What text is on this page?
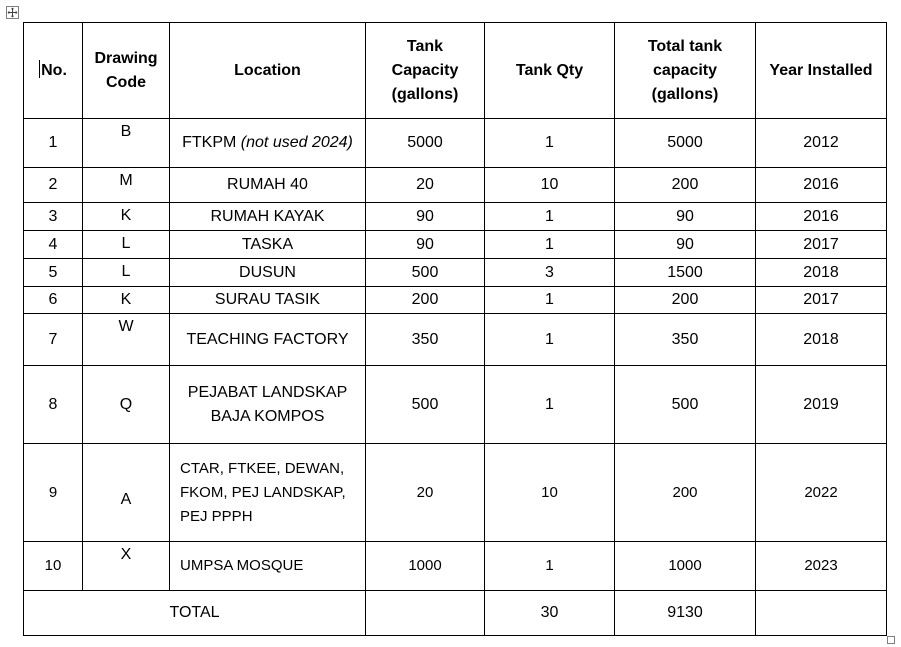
No.	Drawing Code	Location	Tank Capacity (gallons)	Tank Qty	Total tank capacity (gallons)	Year Installed
1	B	FTKPM (not used 2024)	5000	1	5000	2012
2	M	RUMAH 40	20	10	200	2016
3	K	RUMAH KAYAK	90	1	90	2016
4	L	TASKA	90	1	90	2017
5	L	DUSUN	500	3	1500	2018
6	K	SURAU TASIK	200	1	200	2017
7	W	TEACHING FACTORY	350	1	350	2018
8	Q	PEJABAT LANDSKAP BAJA KOMPOS	500	1	500	2019
9	A	CTAR, FTKEE, DEWAN, FKOM, PEJ LANDSKAP, PEJ PPPH	20	10	200	2022
10	X	UMPSA MOSQUE	1000	1	1000	2023
TOTAL				30	9130	
